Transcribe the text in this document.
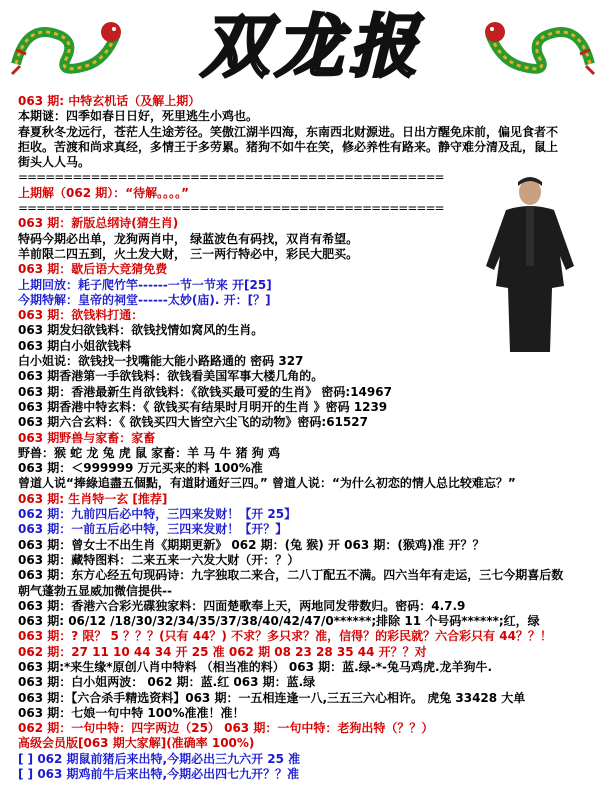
双龙报
063 期: 中特玄机话（及解上期）
本期谜：四季如春日日好，死里逃生小鸡也。
春夏秋冬龙远行，苍茫人生途芳径。笑傲江湖半四海，东南西北财源进。日出方醒免床前，偏见食者不
拒收。苦渡和尚求真经，多情王于多劳累。猪狗不如牛在笑，修必养性有路来。静守难分清及乱，鼠上
街头人人马。
===============================================
上期解（062 期）：“待解。。。。”
===============================================
063 期：新版总纲诗(猜生肖)
特码今期必出单，龙狗两肖中， 绿蓝波色有码找，双肖有希望。
羊前限二四五到，火土发大财， 三一两行特必中，彩民大肥买。
063 期：歇后语大竞猜免费
上期回放：耗子爬竹竿------一节一节来 开[25]
今期特解：皇帝的祠堂------太妙(庙). 开：[？]
063 期：欲钱料打通：
063 期发妇欲钱料：欲钱找情如窝风的生肖。
063 期白小姐欲钱料
白小姐说：欲钱找一找嘴能大能小路路通的 密码 327
063 期香港第一手欲钱料：欲钱看美国军事大楼几角的。
063 期：香港最新生肖欲钱料：《欲钱买最可爱的生肖》 密码:14967
063 期香港中特玄料：《 欲钱买有结果时月明开的生肖 》密码 1239
063 期六合玄料：《 欲钱买四大皆空六尘飞的动物》密码:61527
063 期野兽与家畜：家畜
野兽：猴 蛇 龙 兔 虎 鼠 家畜：羊 马 牛 猪 狗 鸡
063 期：＜999999 万元买来的料 100%准
曾道人说“捧綠追盡五個點，有道財通好三四。” 曾道人说：“为什么初恋的情人总比较难忘？”
063 期: 生肖特一玄 [推荐]
062 期：九前四后必中特，三四来发财！【开 25】
063 期：一前五后必中特，三四来发财！【开？】
063 期：曾女士不出生肖《期期更新》 062 期：(兔 猴) 开 063 期：(猴鸡)准 开？？
063 期：藏特图料：二来五来一六发大财（开：？）
063 期：东方心经五句现码诗：九字独取二来合，二八丁配五不满。四六当年有走运，三七今期喜后数
朝气蓬勃五显威加微信提供--
063 期：香港六合彩光碟独家料：四面楚歌奉上天，两地同发带数归。密码：4.7.9
063 期: 06/12 /18/30/32/34/35/37/38/40/42/47/0******;排除 11 个号码******;红，绿
063 期：? 限？ 5 ？？？(只有 44？) 不求？多只求？准，信得？的彩民就？六合彩只有 44？？！
062 期：27 11 10 44 34 开 25 准 062 期 08 23 28 35 44 开？？对
063 期:*来生缘*原创八肖中特料 （相当准的料） 063 期：蓝.绿-*-兔马鸡虎.龙羊狗牛.
063 期：白小姐两波： 062 期：蓝.红 063 期：蓝.绿
063 期：【六合杀手精选资料】063 期：一五相连逢一八,三五三六心相许。 虎兔 33428 大单
063 期：七娘一句中特 100%准准！准！
062 期：一句中特：四字两边（25） 063 期：一句中特：老狗出特（？？）
高级会员版[063 期大家解](准确率 100%)
[ ] 062 期鼠前猪后来出特,今期必出三九六开 25 准
[ ] 063 期鸡前牛后来出特,今期必出四七九开？？准
